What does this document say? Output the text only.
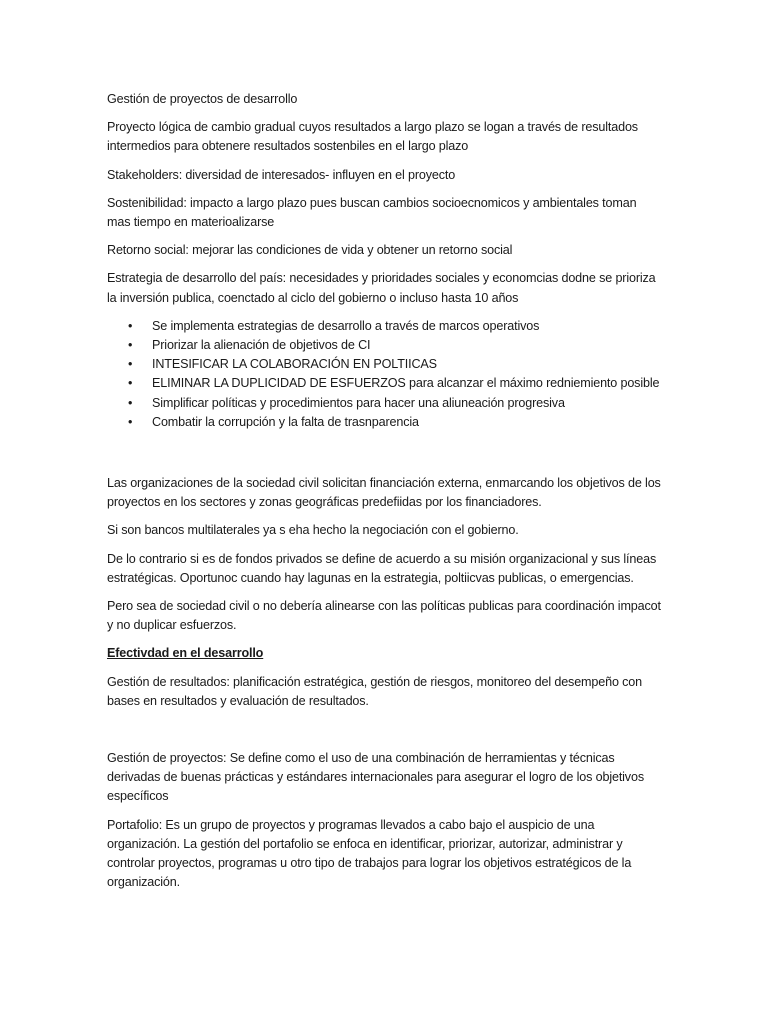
Gestión de proyectos de desarrollo

Proyecto lógica de cambio gradual cuyos resultados a largo plazo se logan a través de resultados intermedios para obtenere resultados sostenbiles en el largo plazo

Stakeholders: diversidad de interesados- influyen en el proyecto

Sostenibilidad: impacto a largo plazo pues buscan cambios socioecnomicos y ambientales toman mas tiempo en materioalizarse

Retorno social: mejorar las condiciones de vida y obtener un retorno social

Estrategia de desarrollo del país: necesidades y prioridades sociales y economcias dodne se prioriza la inversión publica, coenctado al ciclo del gobierno o incluso hasta 10 años

• Se implementa estrategias de desarrollo a través de marcos operativos
• Priorizar la alienación de objetivos de CI
• INTESIFICAR LA COLABORACIÓN EN POLTIICAS
• ELIMINAR LA DUPLICIDAD DE ESFUERZOS para alcanzar el máximo redniemiento posible
• Simplificar políticas y procedimientos para hacer una aliuneación progresiva
• Combatir la corrupción y la falta de trasnparencia

Las organizaciones de la sociedad civil solicitan financiación externa, enmarcando los objetivos de los proyectos en los sectores y zonas geográficas predefiidas por los financiadores.

Si son bancos multilaterales ya s eha hecho la negociación con el gobierno.

De lo contrario si es de fondos privados se define de acuerdo a su misión organizacional y sus líneas estratégicas. Oportunoc cuando hay lagunas en la estrategia, poltiicvas publicas, o emergencias.

Pero sea de sociedad civil o no debería alinearse con las políticas publicas para coordinación impacot y no duplicar esfuerzos.

Efectivdad en el desarrollo

Gestión de resultados: planificación estratégica, gestión de riesgos, monitoreo del desempeño con bases en resultados y evaluación de resultados.

Gestión de proyectos: Se define como el uso de una combinación de herramientas y técnicas derivadas de buenas prácticas y estándares internacionales para asegurar el logro de los objetivos específicos

Portafolio: Es un grupo de proyectos y programas llevados a cabo bajo el auspicio de una organización. La gestión del portafolio se enfoca en identificar, priorizar, autorizar, administrar y controlar proyectos, programas u otro tipo de trabajos para lograr los objetivos estratégicos de la organización.
